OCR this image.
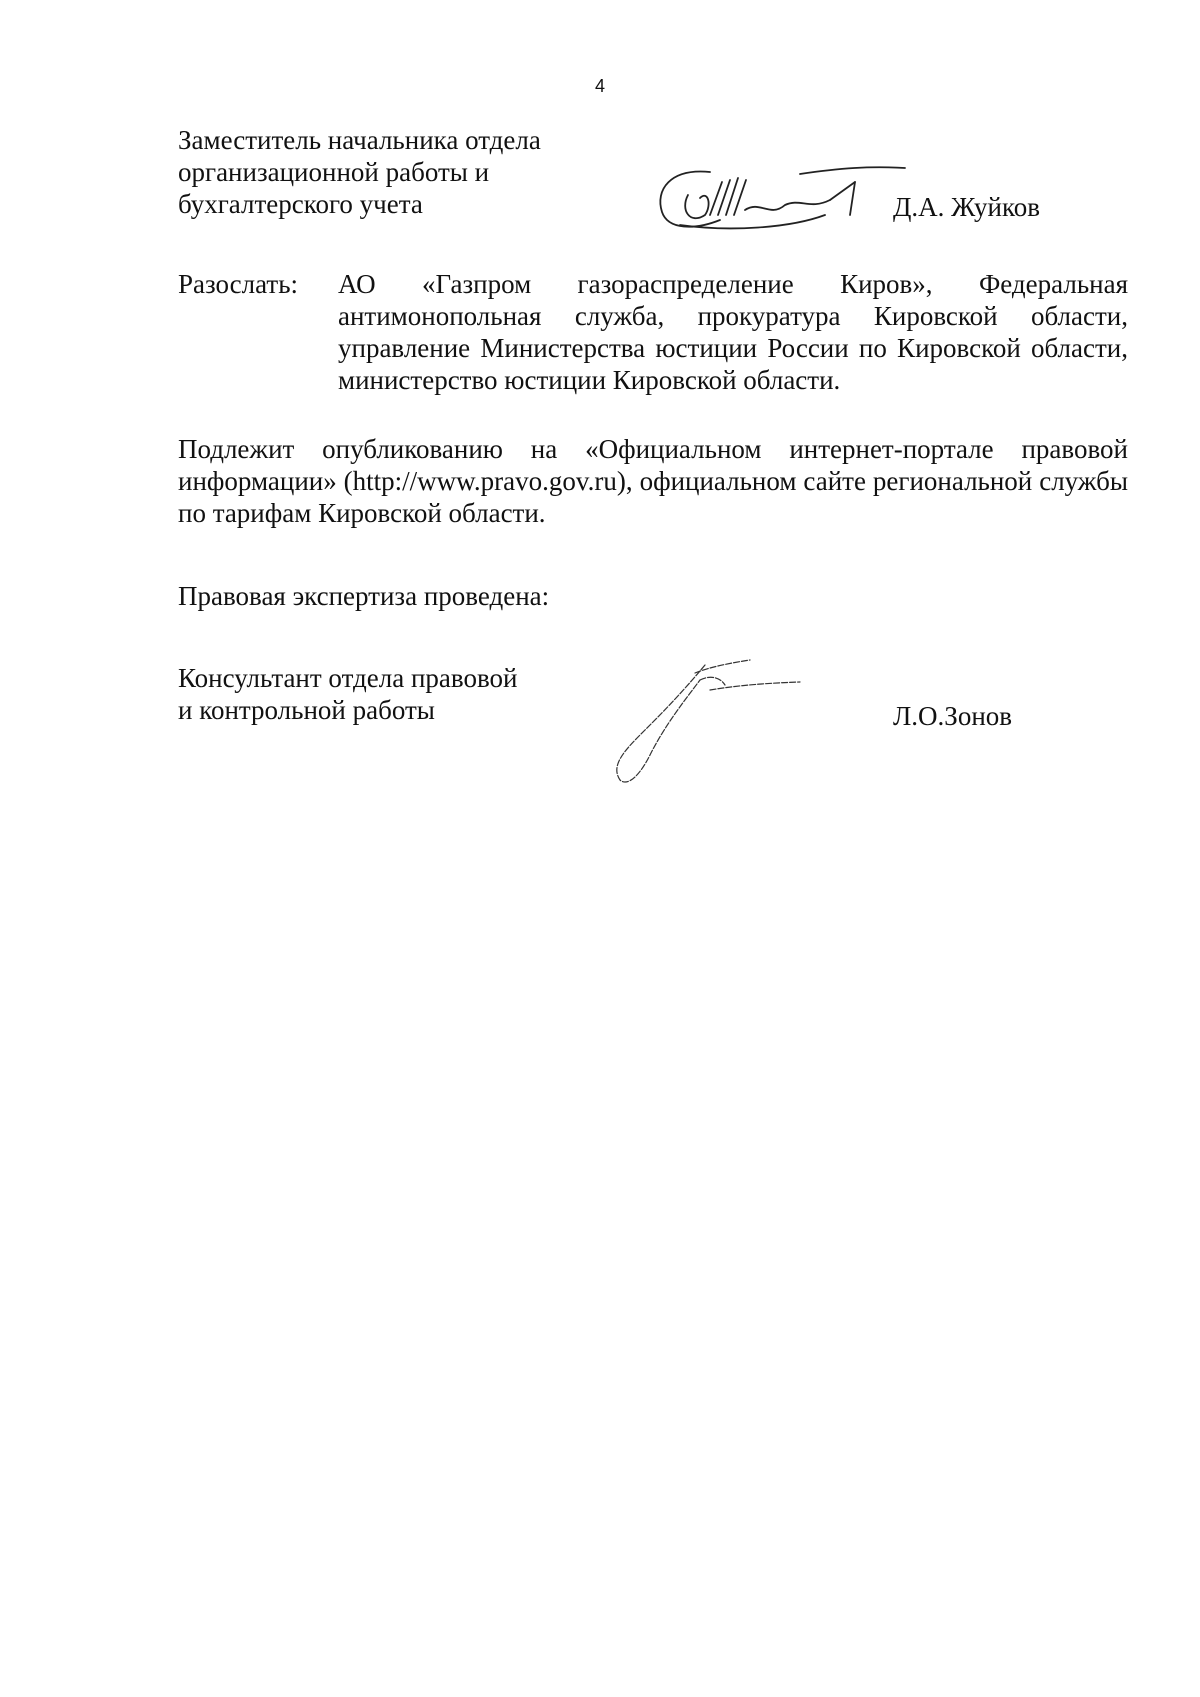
4
Заместитель начальника отдела
организационной работы и
бухгалтерского учета	Д.А. Жуйков
Разослать: АО «Газпром газораспределение Киров», Федеральная антимонопольная служба, прокуратура Кировской области, управление Министерства юстиции России по Кировской области, министерство юстиции Кировской области.
Подлежит опубликованию на «Официальном интернет-портале правовой информации» (http://www.pravo.gov.ru), официальном сайте региональной службы по тарифам Кировской области.
Правовая экспертиза проведена:
Консультант отдела правовой
и контрольной работы	Л.О.Зонов
